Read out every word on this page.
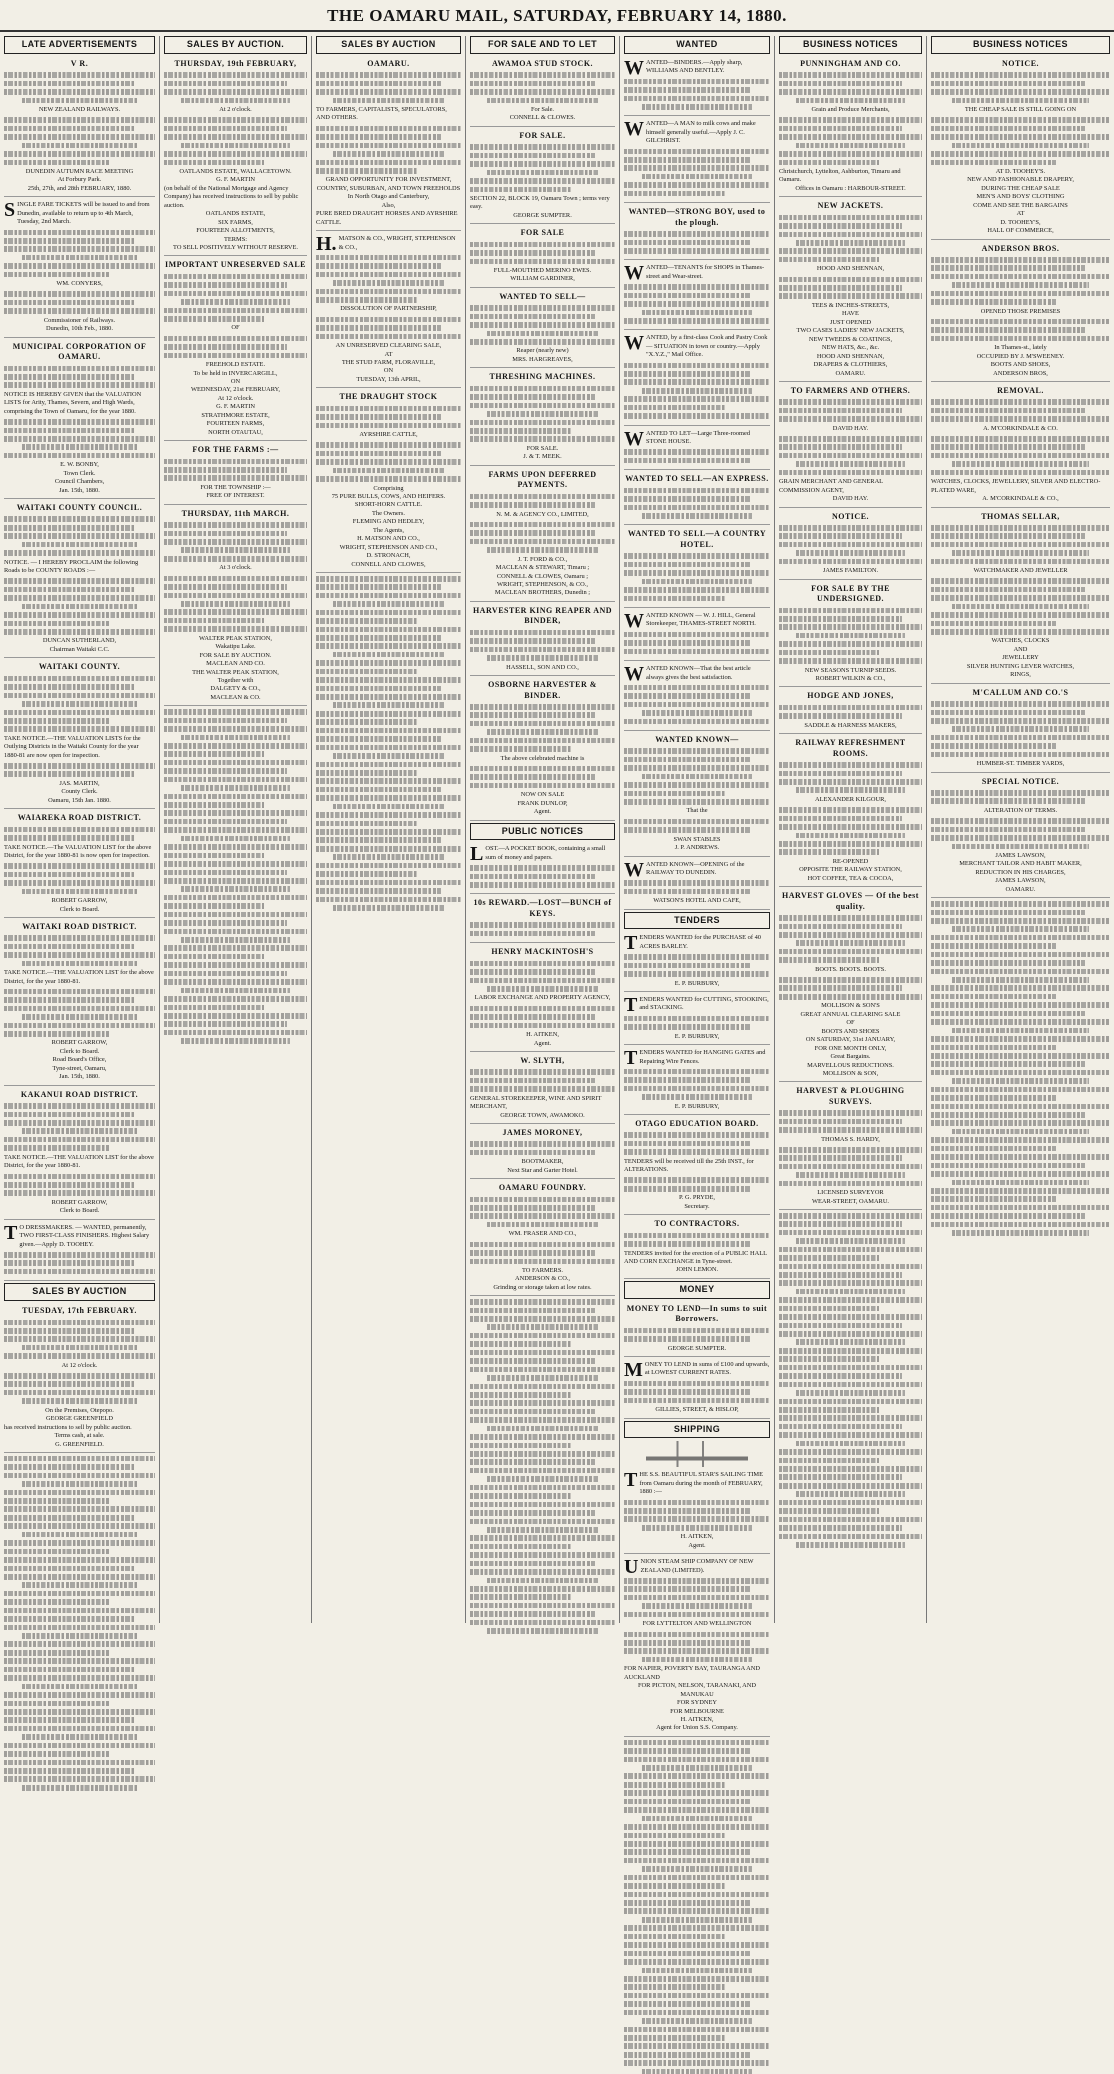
THE OAMARU MAIL, SATURDAY, FEBRUARY 14, 1880.
LATE ADVERTISEMENTS

V R.

NEW ZEALAND RAILWAYS.

DUNEDIN AUTUMN RACE MEETING

At Forbury Park.

25th, 27th, and 28th FEBRUARY, 1880.

SINGLE FARE TICKETS will be issued to and from Dunedin, available to return up to 4th March, Tuesday, 2nd March.

WM. CONYERS,

Commissioner of Railways.

Dunedin, 10th Feb., 1880.

MUNICIPAL CORPORATION OF OAMARU.

NOTICE IS HEREBY GIVEN that the VALUATION LISTS for Arity, Thames, Severn, and High Wards, comprising the Town of Oamaru, for the year 1880.

E. W. BONBY,

Town Clerk.

Council Chambers,

Jan. 15th, 1880.

WAITAKI COUNTY COUNCIL.

NOTICE. — I HEREBY PROCLAIM the following Roads to be COUNTY ROADS :—

DUNCAN SUTHERLAND,

Chairman Waitaki C.C.

WAITAKI COUNTY.

TAKE NOTICE.—THE VALUATION LISTS for the Outlying Districts in the Waitaki County for the year 1880-81 are now open for inspection.

JAS. MARTIN,

County Clerk.

Oamaru, 15th Jan. 1880.

WAIAREKA ROAD DISTRICT.

TAKE NOTICE.—The VALUATION LIST for the above District, for the year 1880-81 is now open for inspection.

ROBERT GARROW,

Clerk to Board.

WAITAKI ROAD DISTRICT.

TAKE NOTICE.—THE VALUATION LIST for the above District, for the year 1880-81.

ROBERT GARROW,

Clerk to Board.

Road Board's Office,

Tyne-street, Oamaru,

Jan. 15th, 1880.

KAKANUI ROAD DISTRICT.

TAKE NOTICE.—THE VALUATION LIST for the above District, for the year 1880-81.

ROBERT GARROW,

Clerk to Board.

TO DRESSMAKERS. — WANTED, permanently, TWO FIRST-CLASS FINISHERS. Highest Salary given.—Apply D. TOOHEY.

SALES BY AUCTION

TUESDAY, 17th FEBRUARY.

At 12 o'clock.

On the Premises, Otepopo.

GEORGE GREENFIELD

has received instructions to sell by public auction.

Terms cash, at sale.

G. GREENFIELD.

SALES BY AUCTION.

THURSDAY, 19th FEBRUARY,

At 2 o'clock.

OATLANDS ESTATE, WALLACETOWN.

G. F. MARTIN

(on behalf of the National Mortgage and Agency Company) has received instructions to sell by public auction.

OATLANDS ESTATE,

SIX FARMS,

FOURTEEN ALLOTMENTS,

TERMS:

TO SELL POSITIVELY WITHOUT RESERVE.

IMPORTANT UNRESERVED SALE

OF

FREEHOLD ESTATE.

To be held in INVERCARGILL,

ON

WEDNESDAY, 21st FEBRUARY,

At 12 o'clock.

G. F. MARTIN

STRATHMORE ESTATE,

FOURTEEN FARMS,

NORTH OTAUTAU,

FOR THE FARMS :—

FOR THE TOWNSHIP :—

FREE OF INTEREST.

THURSDAY, 11th MARCH.

At 3 o'clock.

WALTER PEAK STATION,

Wakatipu Lake.

FOR SALE BY AUCTION.

MACLEAN AND CO.

THE WALTER PEAK STATION,

Together with

DALGETY & CO.,

MACLEAN & CO.

SALES BY AUCTION

OAMARU.

TO FARMERS, CAPITALISTS, SPECULATORS, AND OTHERS.

GRAND OPPORTUNITY FOR INVESTMENT,

COUNTRY, SUBURBAN, AND TOWN FREEHOLDS

In North Otago and Canterbury,

Also,

PURE BRED DRAUGHT HORSES AND AYRSHIRE CATTLE.

H.MATSON & CO., WRIGHT, STEPHENSON & CO.,

DISSOLUTION OF PARTNERSHIP,

AN UNRESERVED CLEARING SALE,

AT

THE STUD FARM, FLORAVILLE,

ON

TUESDAY, 13th APRIL,

THE DRAUGHT STOCK

AYRSHIRE CATTLE,

Comprising

75 PURE BULLS, COWS, AND HEIFERS.

SHORT-HORN CATTLE.

The Owners.

FLEMING AND HEDLEY,

The Agents,

H. MATSON AND CO.,

WRIGHT, STEPHENSON AND CO.,

D. STRONACH,

CONNELL AND CLOWES,

FOR SALE AND TO LET

AWAMOA STUD STOCK.

For Sale.

CONNELL & CLOWES.

FOR SALE.

SECTION 22, BLOCK 19, Oamaru Town ; terms very easy.

GEORGE SUMPTER.

FOR SALE

FULL-MOUTHED MERINO EWES.

WILLIAM GARDINER,

WANTED TO SELL—

Reaper (nearly new)

MRS. HARGREAVES,

THRESHING MACHINES.

FOR SALE.

J. & T. MEEK.

FARMS UPON DEFERRED PAYMENTS.

N. M. & AGENCY CO., LIMITED,

J. T. FORD & CO.,

MACLEAN & STEWART, Timaru ;

CONNELL & CLOWES, Oamaru ;

WRIGHT, STEPHENSON, & CO.,

MACLEAN BROTHERS, Dunedin ;

HARVESTER KING REAPER AND BINDER,

HASSELL, SON AND CO.,

OSBORNE HARVESTER & BINDER.

The above celebrated machine is

NOW ON SALE

FRANK DUNLOP,

Agent.

PUBLIC NOTICES

LOST.—A POCKET BOOK, containing a small sum of money and papers.

10s REWARD.—LOST—BUNCH of KEYS.

HENRY MACKINTOSH'S

LABOR EXCHANGE AND PROPERTY AGENCY,

H. AITKEN,

Agent.

W. SLYTH,

GENERAL STOREKEEPER, WINE AND SPIRIT MERCHANT,

GEORGE TOWN, AWAMOKO.

JAMES MORONEY,

BOOTMAKER,

Next Star and Garter Hotel.

OAMARU FOUNDRY.

WM. FRASER AND CO.,

TO FARMERS.

ANDERSON & CO.,

Grinding or storage taken at low rates.

WANTED

WANTED—BINDERS.—Apply sharp, WILLIAMS AND BENTLEY.

WANTED—A MAN to milk cows and make himself generally useful.—Apply J. C. GILCHRIST.

WANTED—STRONG BOY, used to the plough.

WANTED—TENANTS for SHOPS in Thames-street and Wear-street.

WANTED, by a first-class Cook and Pastry Cook — SITUATION in town or country.—Apply "X.Y.Z.," Mail Office.

WANTED TO LET—Large Three-roomed STONE HOUSE.

WANTED TO SELL—AN EXPRESS.

WANTED TO SELL—A COUNTRY HOTEL.

WANTED KNOWN — W. J. HILL, General Storekeeper, THAMES-STREET NORTH.

WANTED KNOWN—That the best article always gives the best satisfaction.

WANTED KNOWN—

That the

SWAN STABLES

J. P. ANDREWS.

WANTED KNOWN—OPENING of the RAILWAY TO DUNEDIN.

WATSON'S HOTEL AND CAFE,

TENDERS

TENDERS WANTED for the PURCHASE of 40 ACRES BARLEY.

E. P. BURBURY,

TENDERS WANTED for CUTTING, STOOKING, and STACKING.

E. P. BURBURY,

TENDERS WANTED for HANGING GATES and Repairing Wire Fences.

E. P. BURBURY,

OTAGO EDUCATION BOARD.

TENDERS will be received till the 25th INST., for ALTERATIONS.

P. G. PRYDE,

Secretary.

TO CONTRACTORS.

TENDERS invited for the erection of a PUBLIC HALL AND CORN EXCHANGE in Tyne-street.

JOHN LEMON.

MONEY

MONEY TO LEND—In sums to suit Borrowers.

GEORGE SUMPTER.

MONEY TO LEND in sums of £100 and upwards, at LOWEST CURRENT RATES.

GILLIES, STREET, & HISLOP,

SHIPPING

THE S.S. BEAUTIFUL STAR'S SAILING TIME from Oamaru during the month of FEBRUARY, 1880 :—

H. AITKEN,

Agent.

UNION STEAM SHIP COMPANY OF NEW ZEALAND (LIMITED).

FOR LYTTELTON AND WELLINGTON

FOR NAPIER, POVERTY BAY, TAURANGA AND AUCKLAND

FOR PICTON, NELSON, TARANAKI, AND MANUKAU

FOR SYDNEY

FOR MELBOURNE

H. AITKEN,

Agent for Union S.S. Company.

BUSINESS NOTICES

PUNNINGHAM AND CO.

Grain and Produce Merchants,

Christchurch, Lyttelton, Ashburton, Timaru and Oamaru.

Offices in Oamaru : HARBOUR-STREET.

NEW JACKETS.

HOOD AND SHENNAN,

TEES & INCHES-STREETS,

HAVE

JUST OPENED

TWO CASES LADIES' NEW JACKETS,

NEW TWEEDS & COATINGS,

NEW HATS, &c., &c.

HOOD AND SHENNAN,

DRAPERS & CLOTHIERS,

OAMARU.

TO FARMERS AND OTHERS.

DAVID HAY.

GRAIN MERCHANT AND GENERAL COMMISSION AGENT,

DAVID HAY.

NOTICE.

JAMES FAMILTON.

FOR SALE BY THE UNDERSIGNED.

NEW SEASONS TURNIP SEEDS.

ROBERT WILKIN & CO.,

HODGE AND JONES,

SADDLE & HARNESS MAKERS,

RAILWAY REFRESHMENT ROOMS.

ALEXANDER KILGOUR,

RE-OPENED

OPPOSITE THE RAILWAY STATION,

HOT COFFEE, TEA & COCOA,

HARVEST GLOVES — Of the best quality.

BOOTS. BOOTS. BOOTS.

MOLLISON & SON'S

GREAT ANNUAL CLEARING SALE

OF

BOOTS AND SHOES

ON SATURDAY, 31st JANUARY,

FOR ONE MONTH ONLY,

Great Bargains.

MARVELLOUS REDUCTIONS.

MOLLISON & SON,

HARVEST & PLOUGHING SURVEYS.

THOMAS S. HARDY,

LICENSED SURVEYOR

WEAR-STREET, OAMARU.

BUSINESS NOTICES

NOTICE.

THE CHEAP SALE IS STILL GOING ON

AT D. TOOHEY'S.

NEW AND FASHIONABLE DRAPERY,

DURING THE CHEAP SALE

MEN'S AND BOYS' CLOTHING

COME AND SEE THE BARGAINS

AT

D. TOOHEY'S,

HALL OF COMMERCE,

ANDERSON BROS.

OPENED THOSE PREMISES

In Thames-st., lately

OCCUPIED BY J. M'SWEENEY.

BOOTS AND SHOES,

ANDERSON BROS,

REMOVAL.

A. M'CORKINDALE & CO.

WATCHES, CLOCKS, JEWELLERY, SILVER AND ELECTRO-PLATED WARE,

A. M'CORKINDALE & CO.,

THOMAS SELLAR,

WATCHMAKER AND JEWELLER

WATCHES, CLOCKS

AND

JEWELLERY

SILVER HUNTING LEVER WATCHES,

RINGS,

M'CALLUM AND CO.'S

HUMBER-ST. TIMBER YARDS,

SPECIAL NOTICE.

ALTERATION OF TERMS.

JAMES LAWSON,

MERCHANT TAILOR AND HABIT MAKER,

REDUCTION IN HIS CHARGES,

JAMES LAWSON,

OAMARU.
